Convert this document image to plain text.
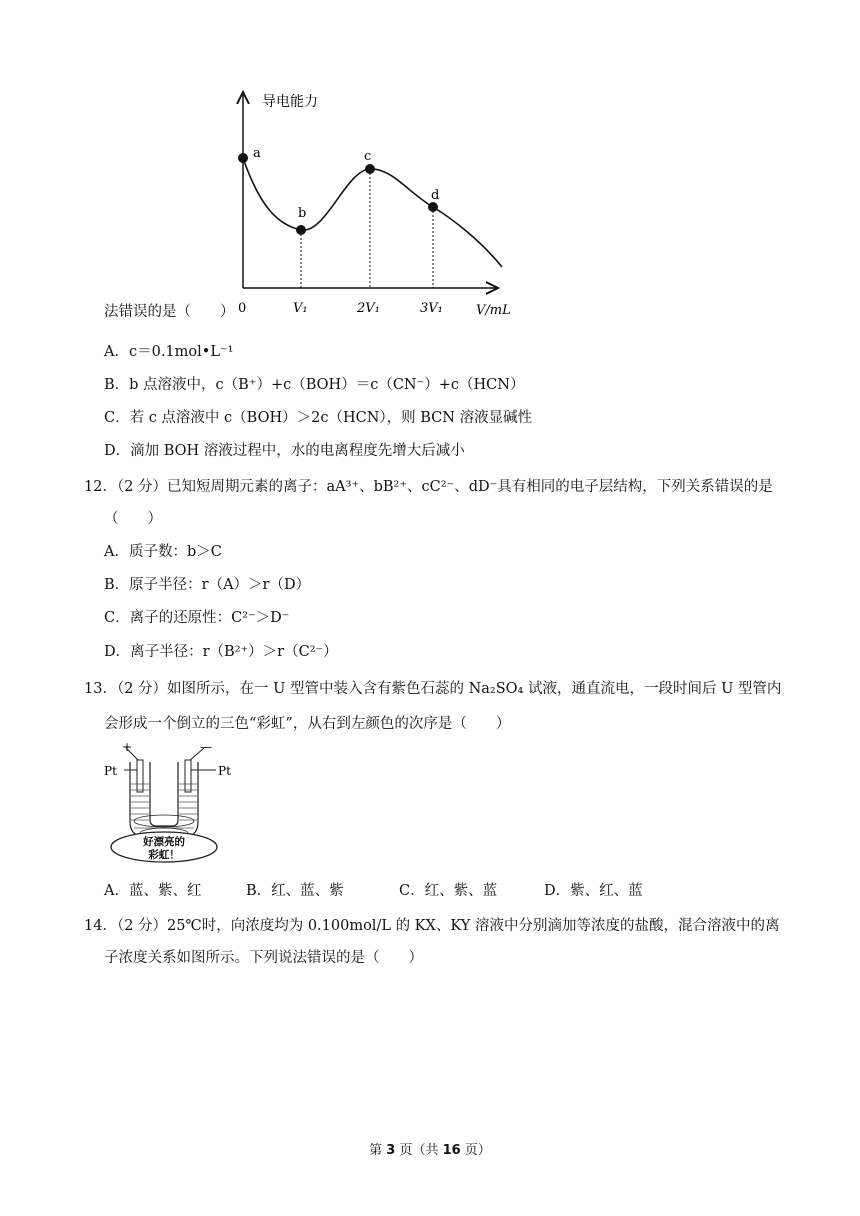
a
b
c
d
导电能力
0	V₁	2V₁	3V₁	V/mL
法错误的是（　　）
A．c＝0.1mol•L⁻¹
B．b 点溶液中，c（B⁺）+c（BOH）＝c（CN⁻）+c（HCN）
C．若 c 点溶液中 c（BOH）＞2c（HCN），则 BCN 溶液显碱性
D．滴加 BOH 溶液过程中，水的电离程度先增大后减小
12．（2 分）已知短周期元素的离子：aA³⁺、bB²⁺、cC²⁻、dD⁻具有相同的电子层结构，下列关系错误的是
（　　）
A．质子数：b＞C
B．原子半径：r（A）＞r（D）
C．离子的还原性：C²⁻＞D⁻
D．离子半径：r（B²⁺）＞r（C²⁻）
13．（2 分）如图所示，在一 U 型管中装入含有紫色石蕊的 Na₂SO₄ 试液，通直流电，一段时间后 U 型管内
会形成一个倒立的三色“彩虹”，从右到左颜色的次序是（　　）
+	—
Pt	Pt
好漂亮的
彩虹！
A．蓝、紫、红	B．红、蓝、紫	C．红、紫、蓝	D．紫、红、蓝
14．（2 分）25℃时，向浓度均为 0.100mol/L 的 KX、KY 溶液中分别滴加等浓度的盐酸，混合溶液中的离
子浓度关系如图所示。下列说法错误的是（　　）
第 3 页（共 16 页）
